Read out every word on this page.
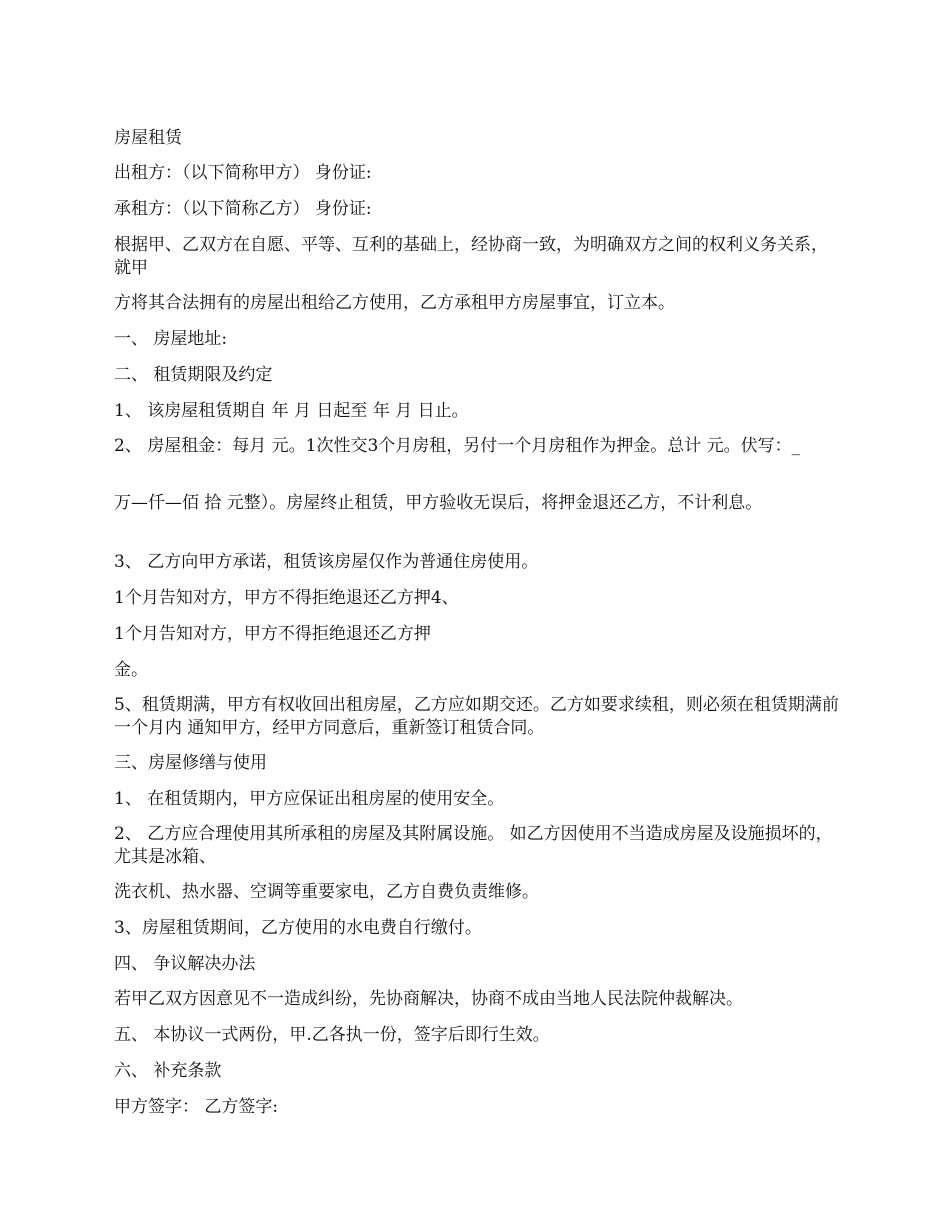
房屋租赁

出租方：（以下简称甲方） 身份证:

承租方：（以下简称乙方） 身份证:

根据甲、乙双方在自愿、平等、互利的基础上，经协商一致，为明确双方之间的权利义务关系，就甲

方将其合法拥有的房屋出租给乙方使用，乙方承租甲方房屋事宜，订立本。

一、 房屋地址:

二、 租赁期限及约定

1、 该房屋租赁期自 年 月 日起至 年 月 日止。

2、 房屋租金：每月 元。1次性交3个月房租，另付一个月房租作为押金。总计 元。伏写：_

万—仟—佰 拾 元整）。房屋终止租赁，甲方验收无误后，将押金退还乙方，不计利息。

3、 乙方向甲方承诺，租赁该房屋仅作为普通住房使用。

1个月告知对方，甲方不得拒绝退还乙方押4、

1个月告知对方，甲方不得拒绝退还乙方押

金。

5、租赁期满，甲方有权收回出租房屋，乙方应如期交还。乙方如要求续租，则必须在租赁期满前一个月内 通知甲方，经甲方同意后，重新签订租赁合同。

三、房屋修缮与使用

1、 在租赁期内，甲方应保证出租房屋的使用安全。

2、 乙方应合理使用其所承租的房屋及其附属设施。 如乙方因使用不当造成房屋及设施损坏的， 尤其是冰箱、

洗衣机、热水器、空调等重要家电，乙方自费负责维修。

3、房屋租赁期间，乙方使用的水电费自行缴付。

四、 争议解决办法

若甲乙双方因意见不一造成纠纷，先协商解决，协商不成由当地人民法院仲裁解决。

五、 本协议一式两份，甲.乙各执一份，签字后即行生效。

六、 补充条款

甲方签字： 乙方签字:
